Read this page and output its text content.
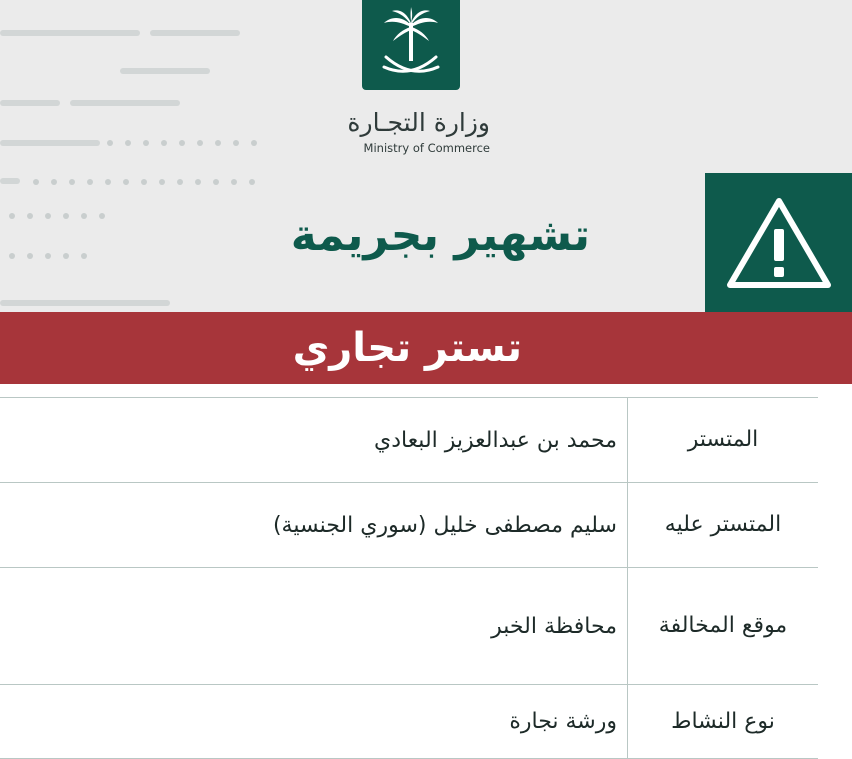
وزارة التجـارة
Ministry of Commerce
تشهير بجريمة
تستر تجاري
المتستر	محمد بن عبدالعزيز البعادي
المتستر عليه	سليم مصطفى خليل (سوري الجنسية)
موقع المخالفة	محافظة الخبر
نوع النشاط	ورشة نجارة
